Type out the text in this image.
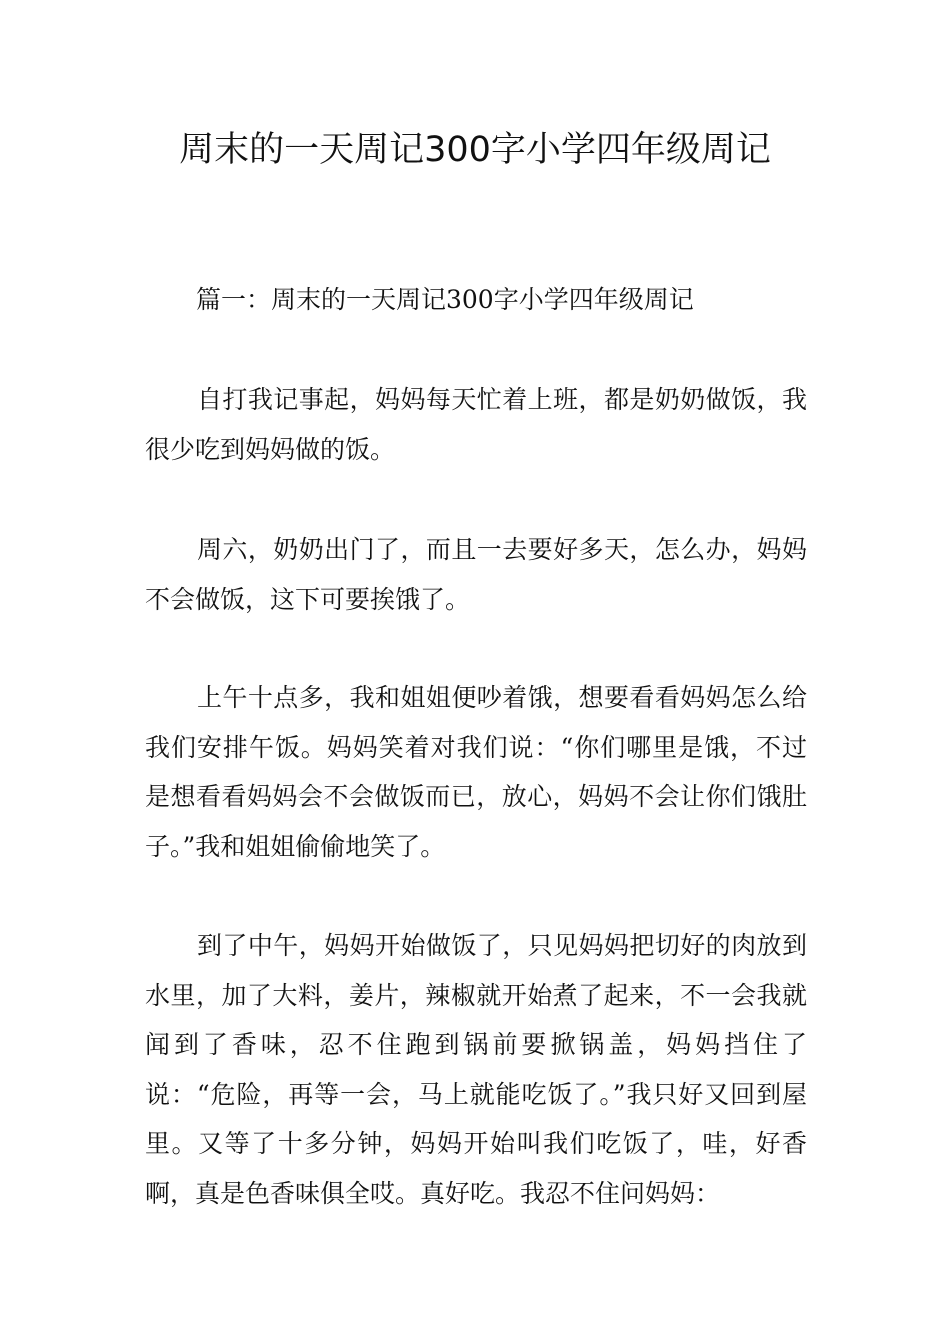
周末的一天周记300字小学四年级周记

篇一：周末的一天周记300字小学四年级周记

自打我记事起，妈妈每天忙着上班，都是奶奶做饭，我很少吃到妈妈做的饭。

周六，奶奶出门了，而且一去要好多天，怎么办，妈妈不会做饭，这下可要挨饿了。

上午十点多，我和姐姐便吵着饿，想要看看妈妈怎么给我们安排午饭。妈妈笑着对我们说：“你们哪里是饿，不过是想看看妈妈会不会做饭而已，放心，妈妈不会让你们饿肚子。”我和姐姐偷偷地笑了。

到了中午，妈妈开始做饭了，只见妈妈把切好的肉放到水里，加了大料，姜片，辣椒就开始煮了起来，不一会我就闻到了香味，忍不住跑到锅前要掀锅盖，妈妈挡住了说：“危险，再等一会，马上就能吃饭了。”我只好又回到屋里。又等了十多分钟，妈妈开始叫我们吃饭了，哇，好香啊，真是色香味俱全哎。真好吃。我忍不住问妈妈：
